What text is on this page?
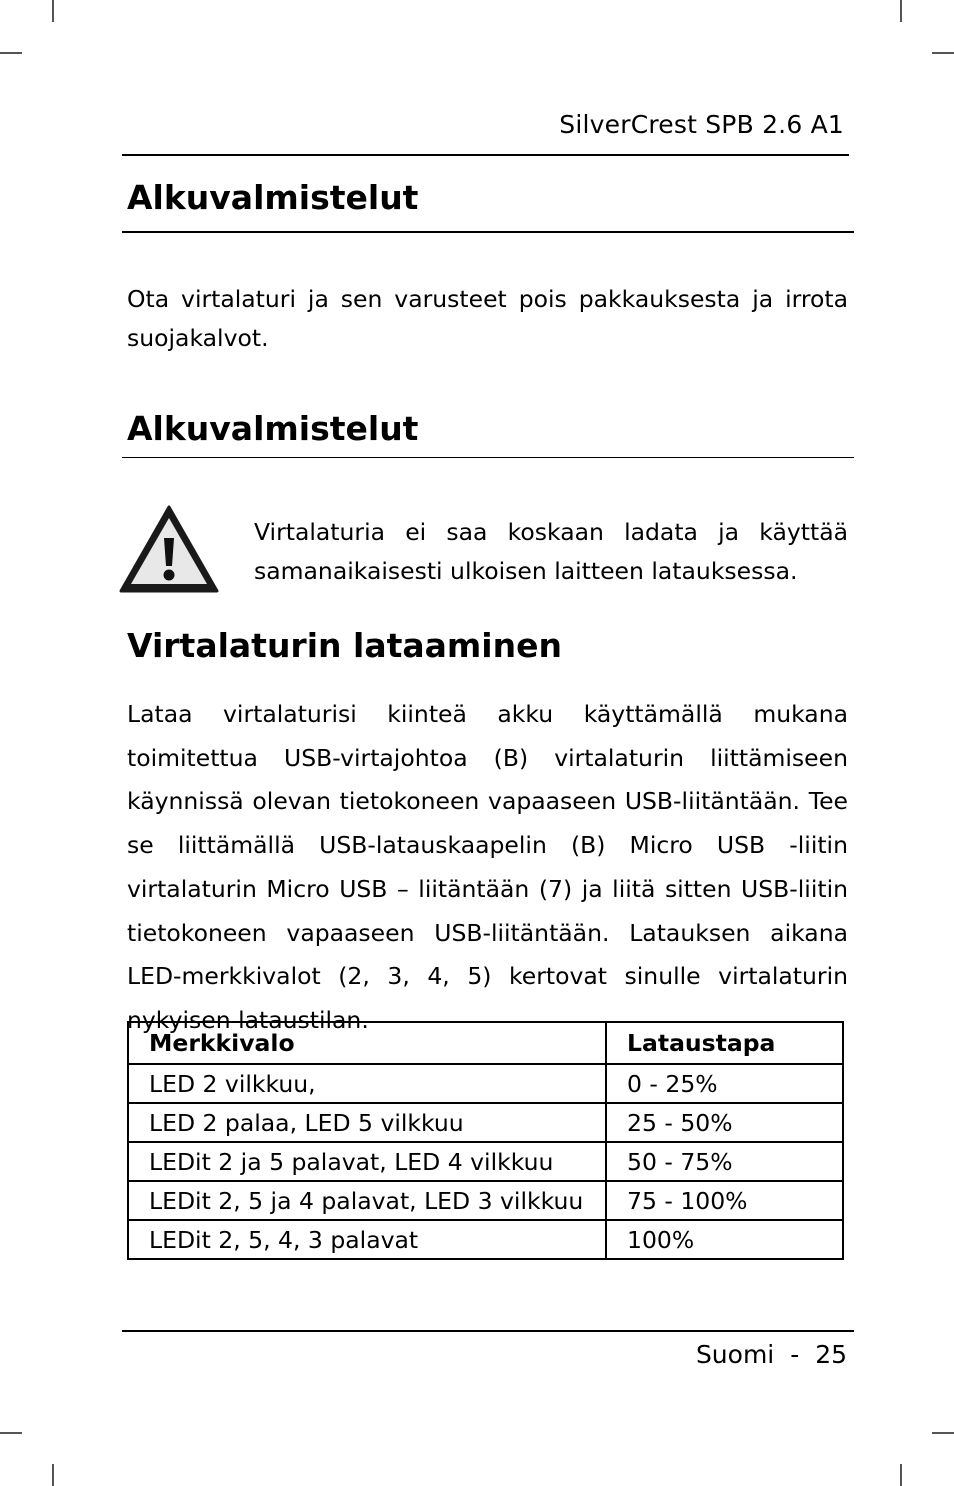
SilverCrest SPB 2.6 A1
Alkuvalmistelut

Ota virtalaturi ja sen varusteet pois pakkauksesta ja irrota suojakalvot.

Alkuvalmistelut

Virtalaturia ei saa koskaan ladata ja käyttää samanaikaisesti ulkoisen laitteen latauksessa.

Virtalaturin lataaminen

Lataa virtalaturisi kiinteä akku käyttämällä mukana toimitettua USB-virtajohtoa (B) virtalaturin liittämiseen käynnissä olevan tietokoneen vapaaseen USB-liitäntään. Tee se liittämällä USB-latauskaapelin (B) Micro USB -liitin virtalaturin Micro USB – liitäntään (7) ja liitä sitten USB-liitin tietokoneen vapaaseen USB-liitäntään. Latauksen aikana LED-merkkivalot (2, 3, 4, 5) kertovat sinulle virtalaturin nykyisen lataustilan.

Merkkivalo	Lataustapa
LED 2 vilkkuu,	0 - 25%
LED 2 palaa, LED 5 vilkkuu	25 - 50%
LEDit 2 ja 5 palavat, LED 4 vilkkuu	50 - 75%
LEDit 2, 5 ja 4 palavat, LED 3 vilkkuu	75 - 100%
LEDit 2, 5, 4, 3 palavat	100%
Suomi - 25
